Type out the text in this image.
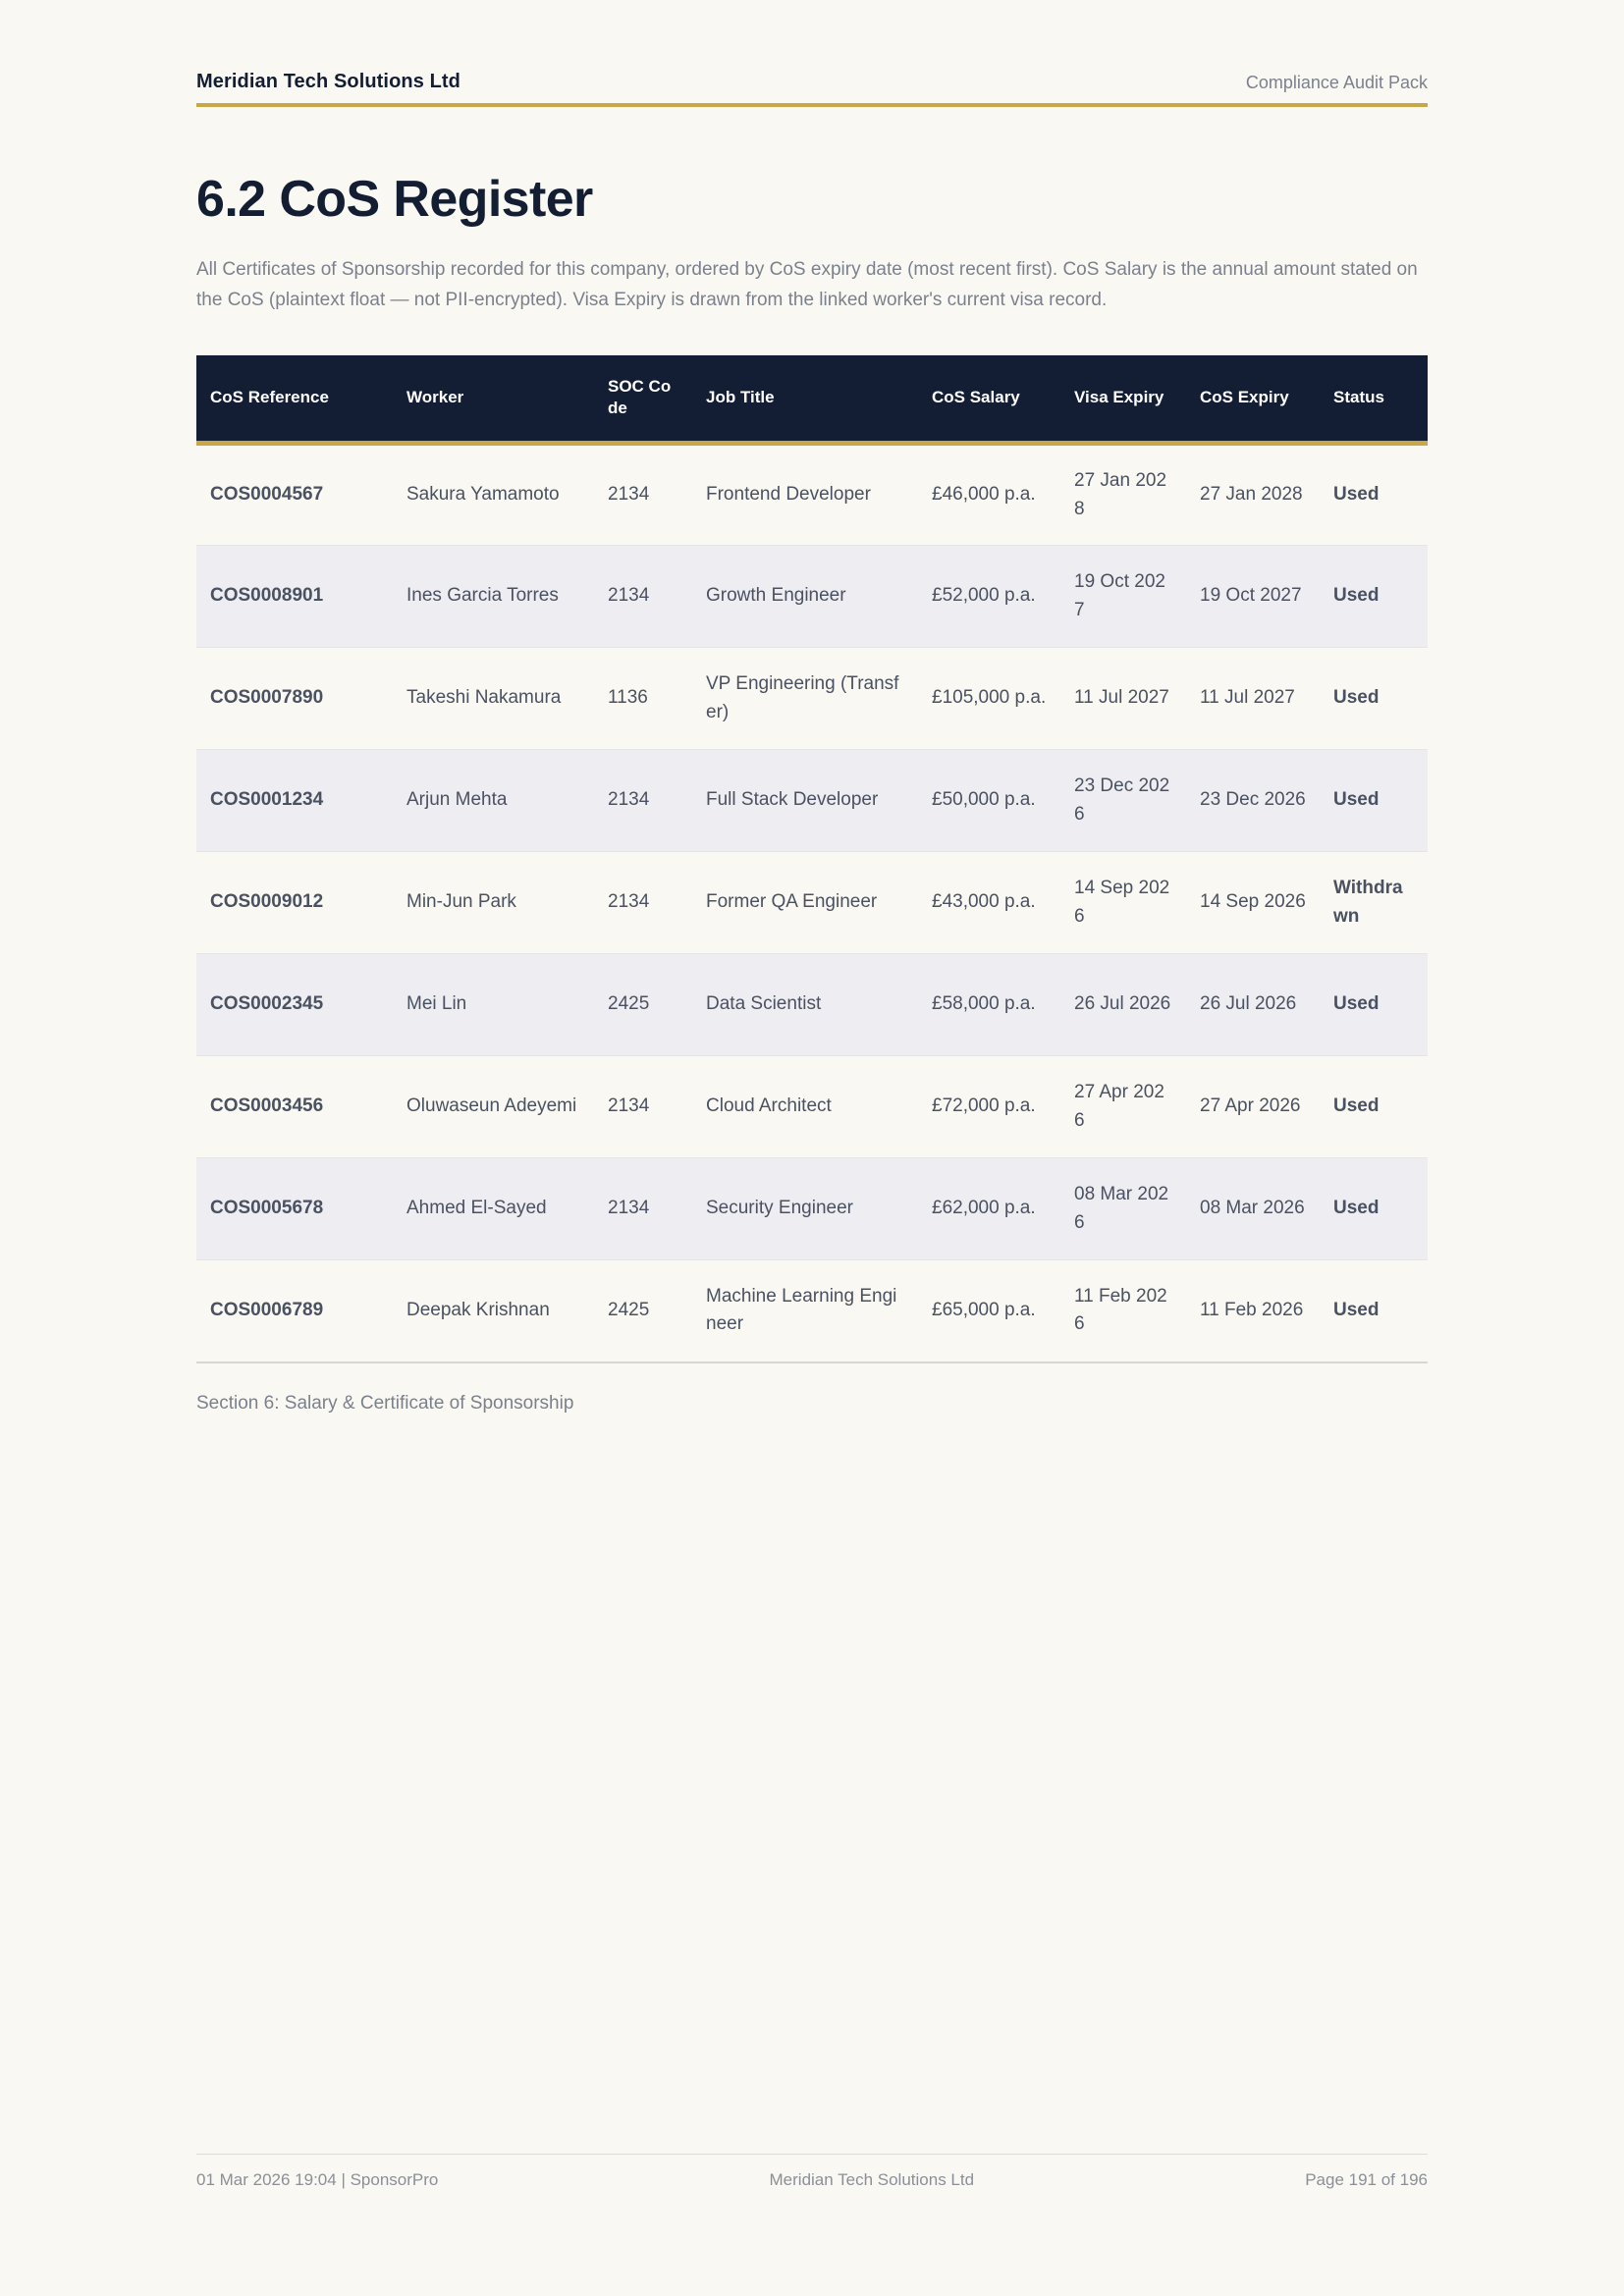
Meridian Tech Solutions Ltd	Compliance Audit Pack
6.2 CoS Register

All Certificates of Sponsorship recorded for this company, ordered by CoS expiry date (most recent first). CoS Salary is the annual amount stated on the CoS (plaintext float — not PII-encrypted). Visa Expiry is drawn from the linked worker's current visa record.

CoS Reference	Worker	SOC Code	Job Title	CoS Salary	Visa Expiry	CoS Expiry	Status
COS0004567	Sakura Yamamoto	2134	Frontend Developer	£46,000 p.a.	27 Jan 2028	27 Jan 2028	Used
COS0008901	Ines Garcia Torres	2134	Growth Engineer	£52,000 p.a.	19 Oct 2027	19 Oct 2027	Used
COS0007890	Takeshi Nakamura	1136	VP Engineering (Transfer)	£105,000 p.a.	11 Jul 2027	11 Jul 2027	Used
COS0001234	Arjun Mehta	2134	Full Stack Developer	£50,000 p.a.	23 Dec 2026	23 Dec 2026	Used
COS0009012	Min-Jun Park	2134	Former QA Engineer	£43,000 p.a.	14 Sep 2026	14 Sep 2026	Withdrawn
COS0002345	Mei Lin	2425	Data Scientist	£58,000 p.a.	26 Jul 2026	26 Jul 2026	Used
COS0003456	Oluwaseun Adeyemi	2134	Cloud Architect	£72,000 p.a.	27 Apr 2026	27 Apr 2026	Used
COS0005678	Ahmed El-Sayed	2134	Security Engineer	£62,000 p.a.	08 Mar 2026	08 Mar 2026	Used
COS0006789	Deepak Krishnan	2425	Machine Learning Engineer	£65,000 p.a.	11 Feb 2026	11 Feb 2026	Used

Section 6: Salary & Certificate of Sponsorship

01 Mar 2026 19:04 | SponsorPro	Meridian Tech Solutions Ltd	Page 191 of 196
